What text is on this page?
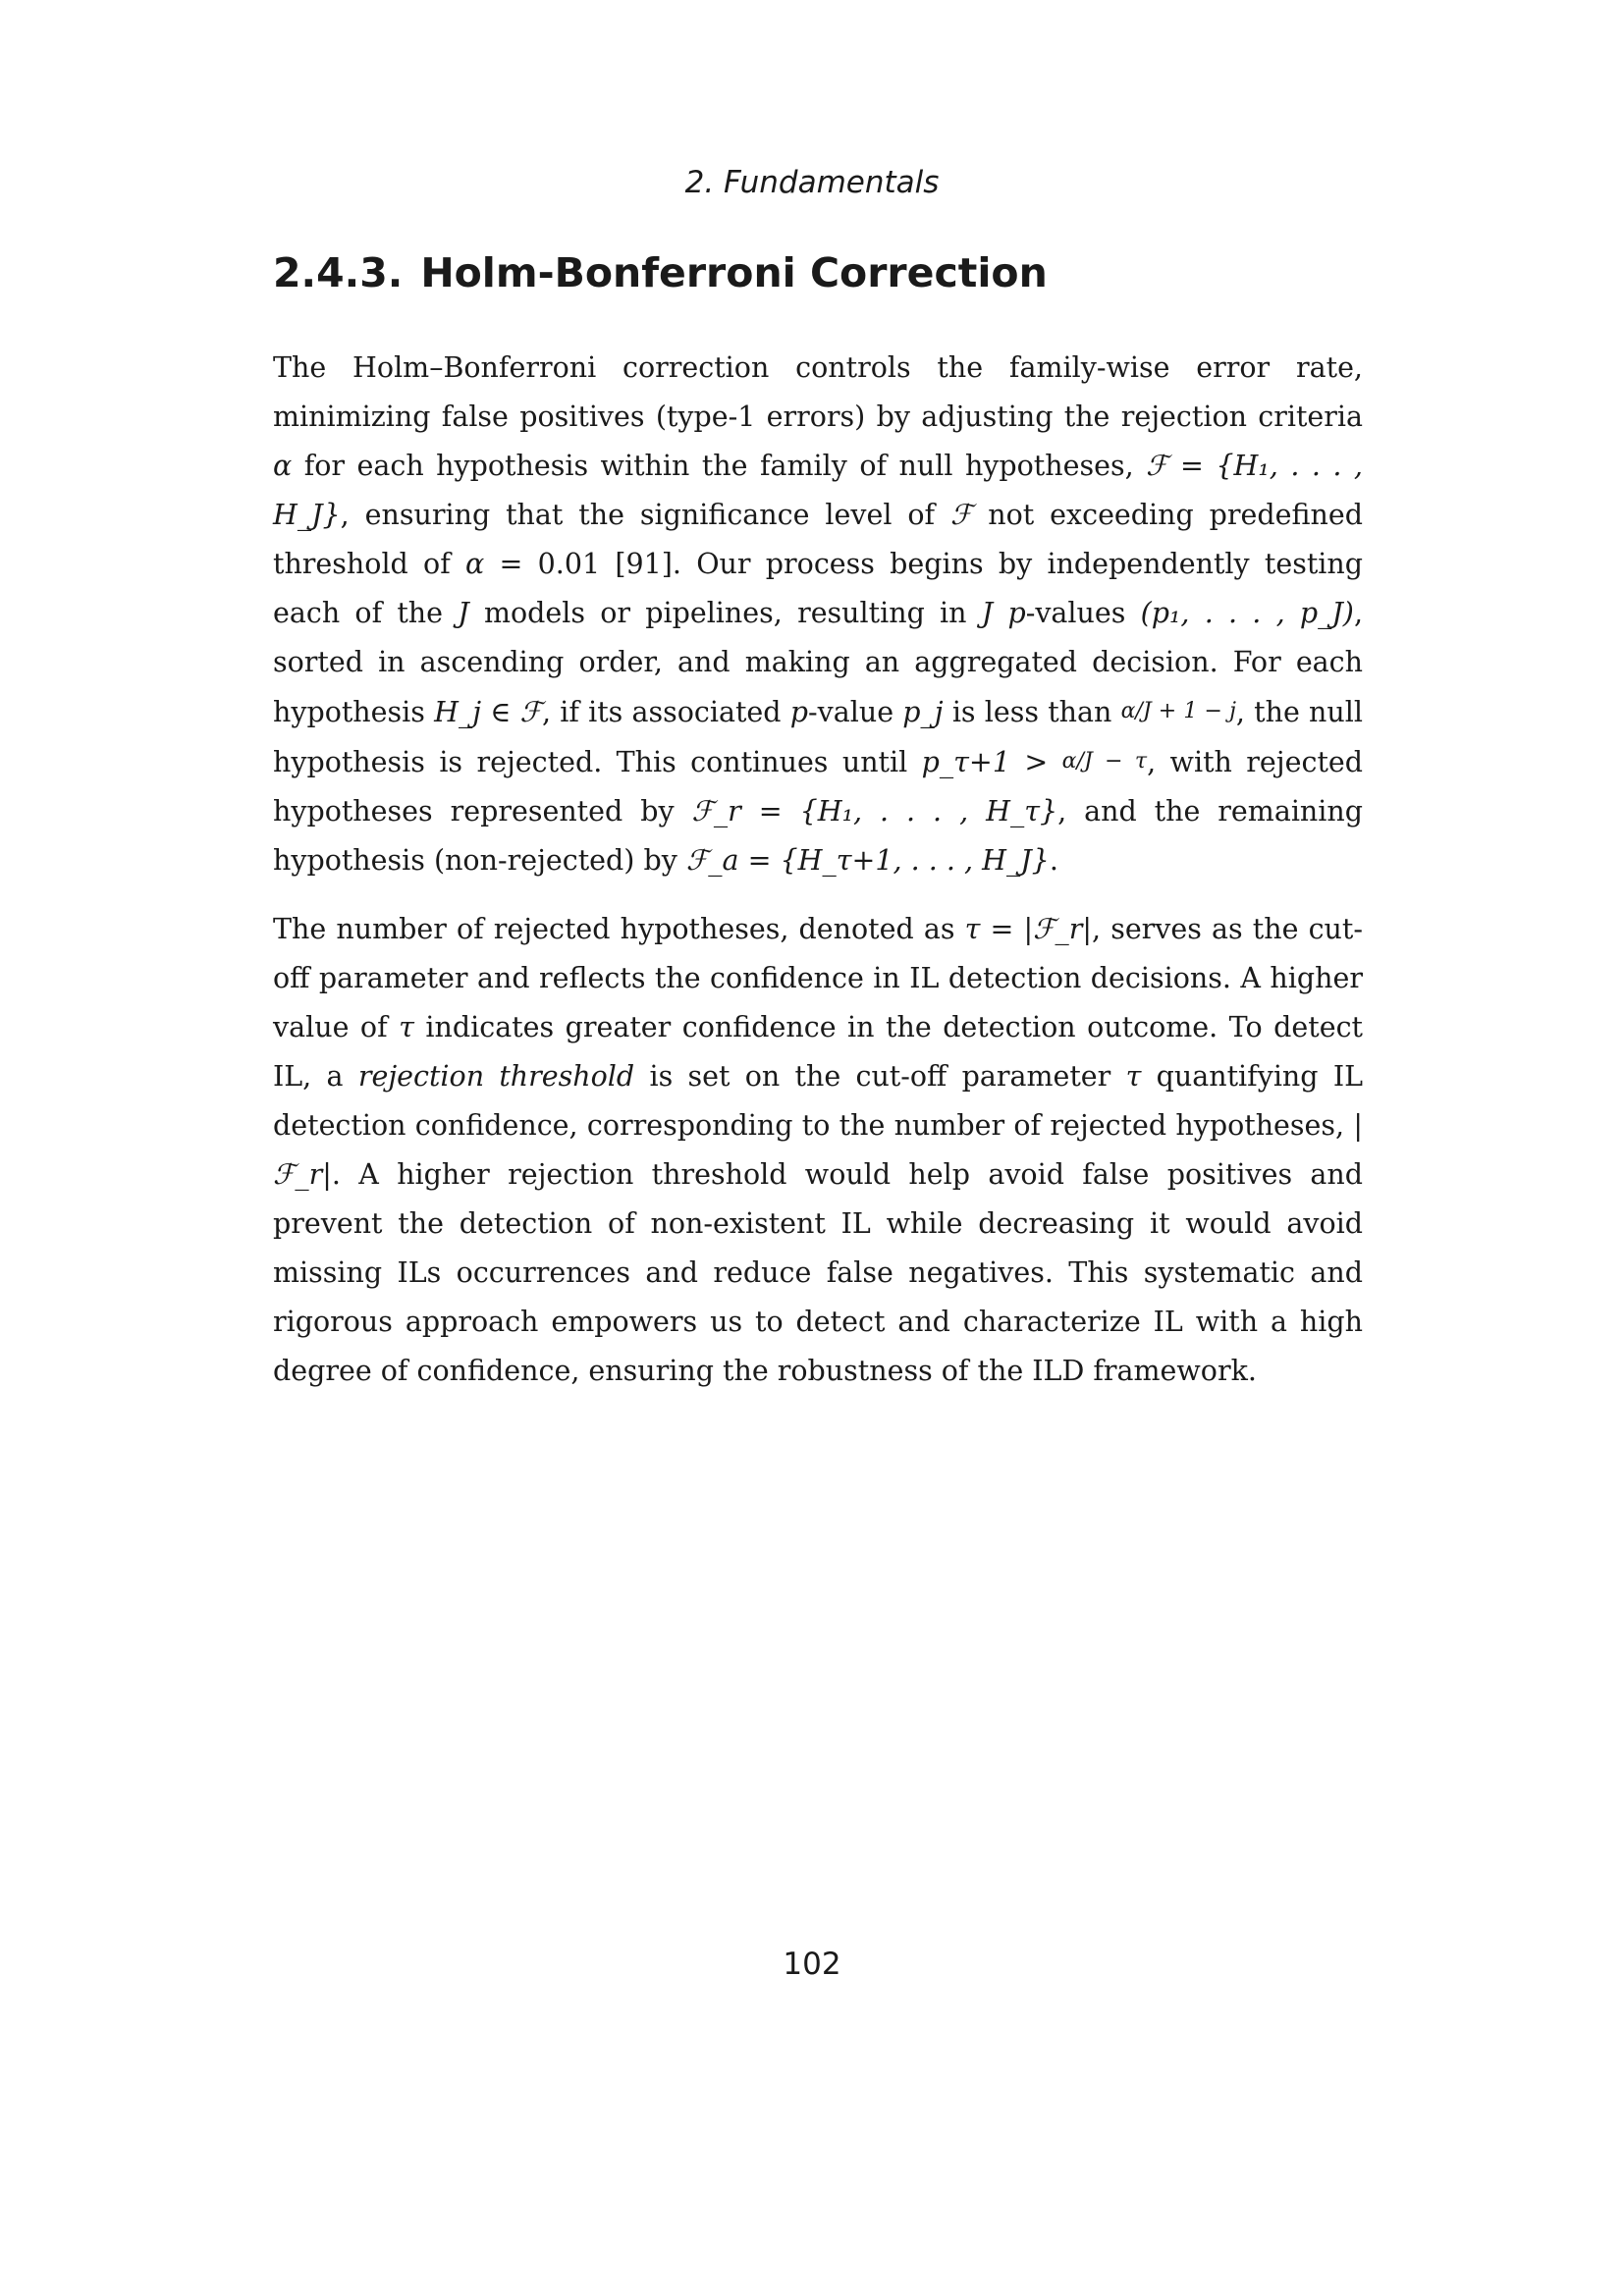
2. Fundamentals
2.4.3. Holm-Bonferroni Correction

The Holm–Bonferroni correction controls the family-wise error rate, minimizing false positives (type-1 errors) by adjusting the rejection criteria α for each hypothesis within the family of null hypotheses, ℱ = {H₁, . . . , H_J}, ensuring that the significance level of ℱ not exceeding predefined threshold of α = 0.01 [91]. Our process begins by independently testing each of the J models or pipelines, resulting in J p-values (p₁, . . . , p_J), sorted in ascending order, and making an aggregated decision. For each hypothesis H_j ∈ ℱ, if its associated p-value p_j is less than α/J + 1 − j, the null hypothesis is rejected. This continues until p_τ+1 > α/J − τ, with rejected hypotheses represented by ℱ_r = {H₁, . . . , H_τ}, and the remaining hypothesis (non-rejected) by ℱ_a = {H_τ+1, . . . , H_J}.

The number of rejected hypotheses, denoted as τ = |ℱ_r|, serves as the cut-off parameter and reflects the confidence in IL detection decisions. A higher value of τ indicates greater confidence in the detection outcome. To detect IL, a rejection threshold is set on the cut-off parameter τ quantifying IL detection confidence, corresponding to the number of rejected hypotheses, |ℱ_r|. A higher rejection threshold would help avoid false positives and prevent the detection of non-existent IL while decreasing it would avoid missing ILs occurrences and reduce false negatives. This systematic and rigorous approach empowers us to detect and characterize IL with a high degree of confidence, ensuring the robustness of the ILD framework.

102
